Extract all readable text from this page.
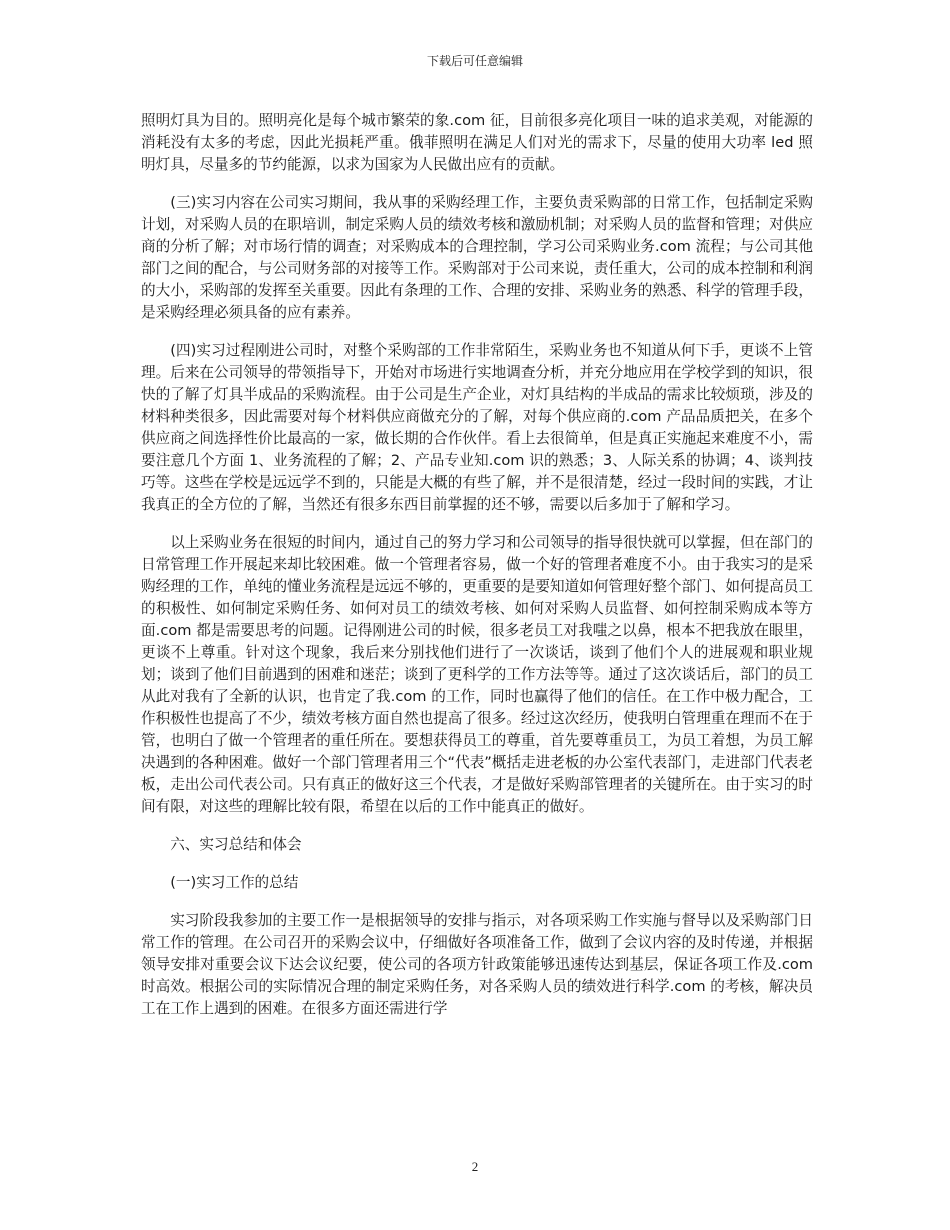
下载后可任意编辑

照明灯具为目的。照明亮化是每个城市繁荣的象.com 征，目前很多亮化项目一味的追求美观，对能源的消耗没有太多的考虑，因此光损耗严重。俄菲照明在满足人们对光的需求下，尽量的使用大功率 led 照明灯具，尽量多的节约能源，以求为国家为人民做出应有的贡献。

(三)实习内容在公司实习期间，我从事的采购经理工作，主要负责采购部的日常工作，包括制定采购计划，对采购人员的在职培训，制定采购人员的绩效考核和激励机制；对采购人员的监督和管理；对供应商的分析了解；对市场行情的调查；对采购成本的合理控制，学习公司采购业务.com 流程；与公司其他部门之间的配合，与公司财务部的对接等工作。采购部对于公司来说，责任重大，公司的成本控制和利润的大小，采购部的发挥至关重要。因此有条理的工作、合理的安排、采购业务的熟悉、科学的管理手段，是采购经理必须具备的应有素养。

(四)实习过程刚进公司时，对整个采购部的工作非常陌生，采购业务也不知道从何下手，更谈不上管理。后来在公司领导的带领指导下，开始对市场进行实地调查分析，并充分地应用在学校学到的知识，很快的了解了灯具半成品的采购流程。由于公司是生产企业，对灯具结构的半成品的需求比较烦琐，涉及的材料种类很多，因此需要对每个材料供应商做充分的了解，对每个供应商的.com 产品品质把关，在多个供应商之间选择性价比最高的一家，做长期的合作伙伴。看上去很简单，但是真正实施起来难度不小，需要注意几个方面 1、业务流程的了解；2、产品专业知.com 识的熟悉；3、人际关系的协调；4、谈判技巧等。这些在学校是远远学不到的，只能是大概的有些了解，并不是很清楚，经过一段时间的实践，才让我真正的全方位的了解，当然还有很多东西目前掌握的还不够，需要以后多加于了解和学习。

以上采购业务在很短的时间内，通过自己的努力学习和公司领导的指导很快就可以掌握，但在部门的日常管理工作开展起来却比较困难。做一个管理者容易，做一个好的管理者难度不小。由于我实习的是采购经理的工作，单纯的懂业务流程是远远不够的，更重要的是要知道如何管理好整个部门、如何提高员工的积极性、如何制定采购任务、如何对员工的绩效考核、如何对采购人员监督、如何控制采购成本等方面.com 都是需要思考的问题。记得刚进公司的时候，很多老员工对我嗤之以鼻，根本不把我放在眼里，更谈不上尊重。针对这个现象，我后来分别找他们进行了一次谈话，谈到了他们个人的进展观和职业规划；谈到了他们目前遇到的困难和迷茫；谈到了更科学的工作方法等等。通过了这次谈话后，部门的员工从此对我有了全新的认识，也肯定了我.com 的工作，同时也赢得了他们的信任。在工作中极力配合，工作积极性也提高了不少，绩效考核方面自然也提高了很多。经过这次经历，使我明白管理重在理而不在于管，也明白了做一个管理者的重任所在。要想获得员工的尊重，首先要尊重员工，为员工着想，为员工解决遇到的各种困难。做好一个部门管理者用三个“代表”概括走进老板的办公室代表部门，走进部门代表老板，走出公司代表公司。只有真正的做好这三个代表，才是做好采购部管理者的关键所在。由于实习的时间有限，对这些的理解比较有限，希望在以后的工作中能真正的做好。

六、实习总结和体会

(一)实习工作的总结

实习阶段我参加的主要工作一是根据领导的安排与指示，对各项采购工作实施与督导以及采购部门日常工作的管理。在公司召开的采购会议中，仔细做好各项准备工作，做到了会议内容的及时传递，并根据领导安排对重要会议下达会议纪要，使公司的各项方针政策能够迅速传达到基层，保证各项工作及.com 时高效。根据公司的实际情况合理的制定采购任务，对各采购人员的绩效进行科学.com 的考核，解决员工在工作上遇到的困难。在很多方面还需进行学

2
